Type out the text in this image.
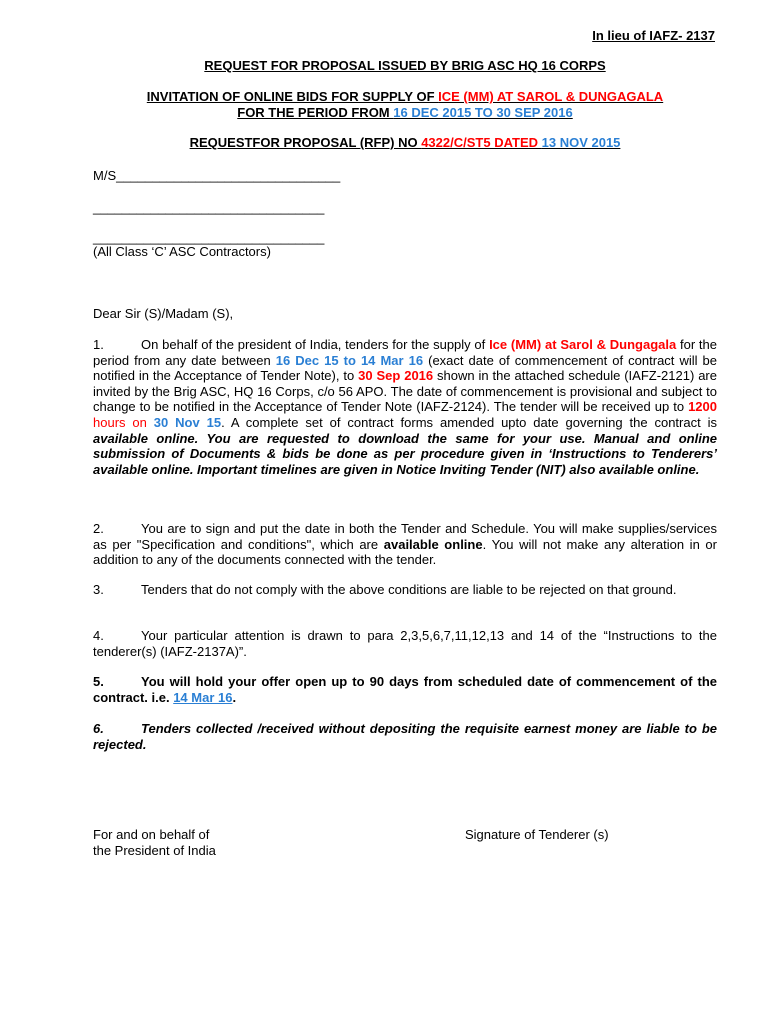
In lieu of IAFZ- 2137
REQUEST FOR PROPOSAL ISSUED BY BRIG ASC HQ 16 CORPS
INVITATION OF ONLINE BIDS FOR SUPPLY OF ICE (MM) AT SAROL & DUNGAGALA
FOR THE PERIOD FROM 16 DEC 2015 TO 30 SEP 2016
REQUESTFOR PROPOSAL (RFP) NO 4322/C/ST5 DATED 13 NOV 2015
M/S_______________________________
________________________________
________________________________
(All Class ‘C’ ASC Contractors)
Dear Sir (S)/Madam (S),
1.	On behalf of the president of India, tenders for the supply of Ice (MM) at Sarol & Dungagala for the period from any date between 16 Dec 15 to 14 Mar 16 (exact date of commencement of contract will be notified in the Acceptance of Tender Note), to 30 Sep 2016 shown in the attached schedule (IAFZ-2121) are invited by the Brig ASC, HQ 16 Corps, c/o 56 APO. The date of commencement is provisional and subject to change to be notified in the Acceptance of Tender Note (IAFZ-2124). The tender will be received up to 1200 hours on 30 Nov 15. A complete set of contract forms amended upto date governing the contract is available online. You are requested to download the same for your use. Manual and online submission of Documents & bids be done as per procedure given in ‘Instructions to Tenderers’ available online. Important timelines are given in Notice Inviting Tender (NIT) also available online.
2.	You are to sign and put the date in both the Tender and Schedule. You will make supplies/services as per "Specification and conditions", which are available online. You will not make any alteration in or addition to any of the documents connected with the tender.
3.	Tenders that do not comply with the above conditions are liable to be rejected on that ground.
4.	Your particular attention is drawn to para 2,3,5,6,7,11,12,13 and 14 of the “Instructions to the tenderer(s) (IAFZ-2137A)”.
5.	You will hold your offer open up to 90 days from scheduled date of commencement of the contract. i.e. 14 Mar 16.
6.	Tenders collected /received without depositing the requisite earnest money are liable to be rejected.
For and on behalf of
the President of India
Signature of Tenderer (s)
